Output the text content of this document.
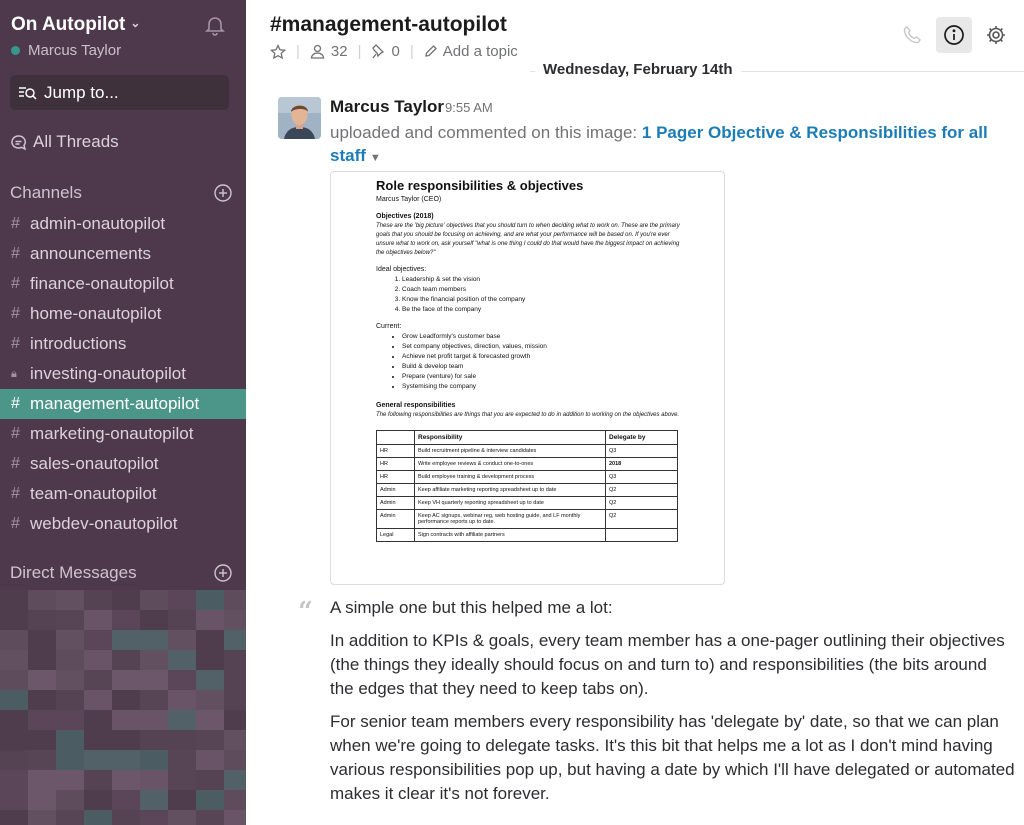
On Autopilot ⌄
Marcus Taylor
Jump to...
All Threads
Channels
# admin-onautopilot
# announcements
# finance-onautopilot
# home-onautopilot
# introductions
🔒︎ investing-onautopilot
# management-autopilot
# marketing-onautopilot
# sales-onautopilot
# team-onautopilot
# webdev-onautopilot
Direct Messages
#management-autopilot
| 32 | 0 | Add a topic
Wednesday, February 14th
Marcus Taylor 9:55 AM
uploaded and commented on this image: 1 Pager Objective & Responsibilities for all staff ▼
Role responsibilities & objectives
Marcus Taylor (CEO)
Objectives (2018)
These are the 'big picture' objectives that you should turn to when deciding what to work on. These are the primary goals that you should be focusing on achieving, and are what your performance will be based on. If you're ever unsure what to work on, ask yourself "what is one thing I could do that would have the biggest impact on achieving the objectives below?"
Ideal objectives:
1. Leadership & set the vision
2. Coach team members
3. Know the financial position of the company
4. Be the face of the company
Current:
• Grow Leadformly's customer base
• Set company objectives, direction, values, mission
• Achieve net profit target & forecasted growth
• Build & develop team
• Prepare (venture) for sale
• Systemising the company
General responsibilities
The following responsibilities are things that you are expected to do in addition to working on the objectives above.
	Responsibility	Delegate by
HR	Build recruitment pipeline & interview candidates	Q3
HR	Write employee reviews & conduct one-to-ones	2018
HR	Build employee training & development process	Q3
Admin	Keep affiliate marketing reporting spreadsheet up to date	Q2
Admin	Keep VH quarterly reporting spreadsheet up to date	Q2
Admin	Keep AC signups, webinar reg, web hosting guide, and LF monthly performance reports up to date.	Q2
Legal	Sign contracts with affiliate partners	
“ A simple one but this helped me a lot:

In addition to KPIs & goals, every team member has a one-pager outlining their objectives (the things they ideally should focus on and turn to) and responsibilities (the bits around the edges that they need to keep tabs on).

For senior team members every responsibility has 'delegate by' date, so that we can plan when we're going to delegate tasks. It's this bit that helps me a lot as I don't mind having various responsibilities pop up, but having a date by which I'll have delegated or automated makes it clear it's not forever.
